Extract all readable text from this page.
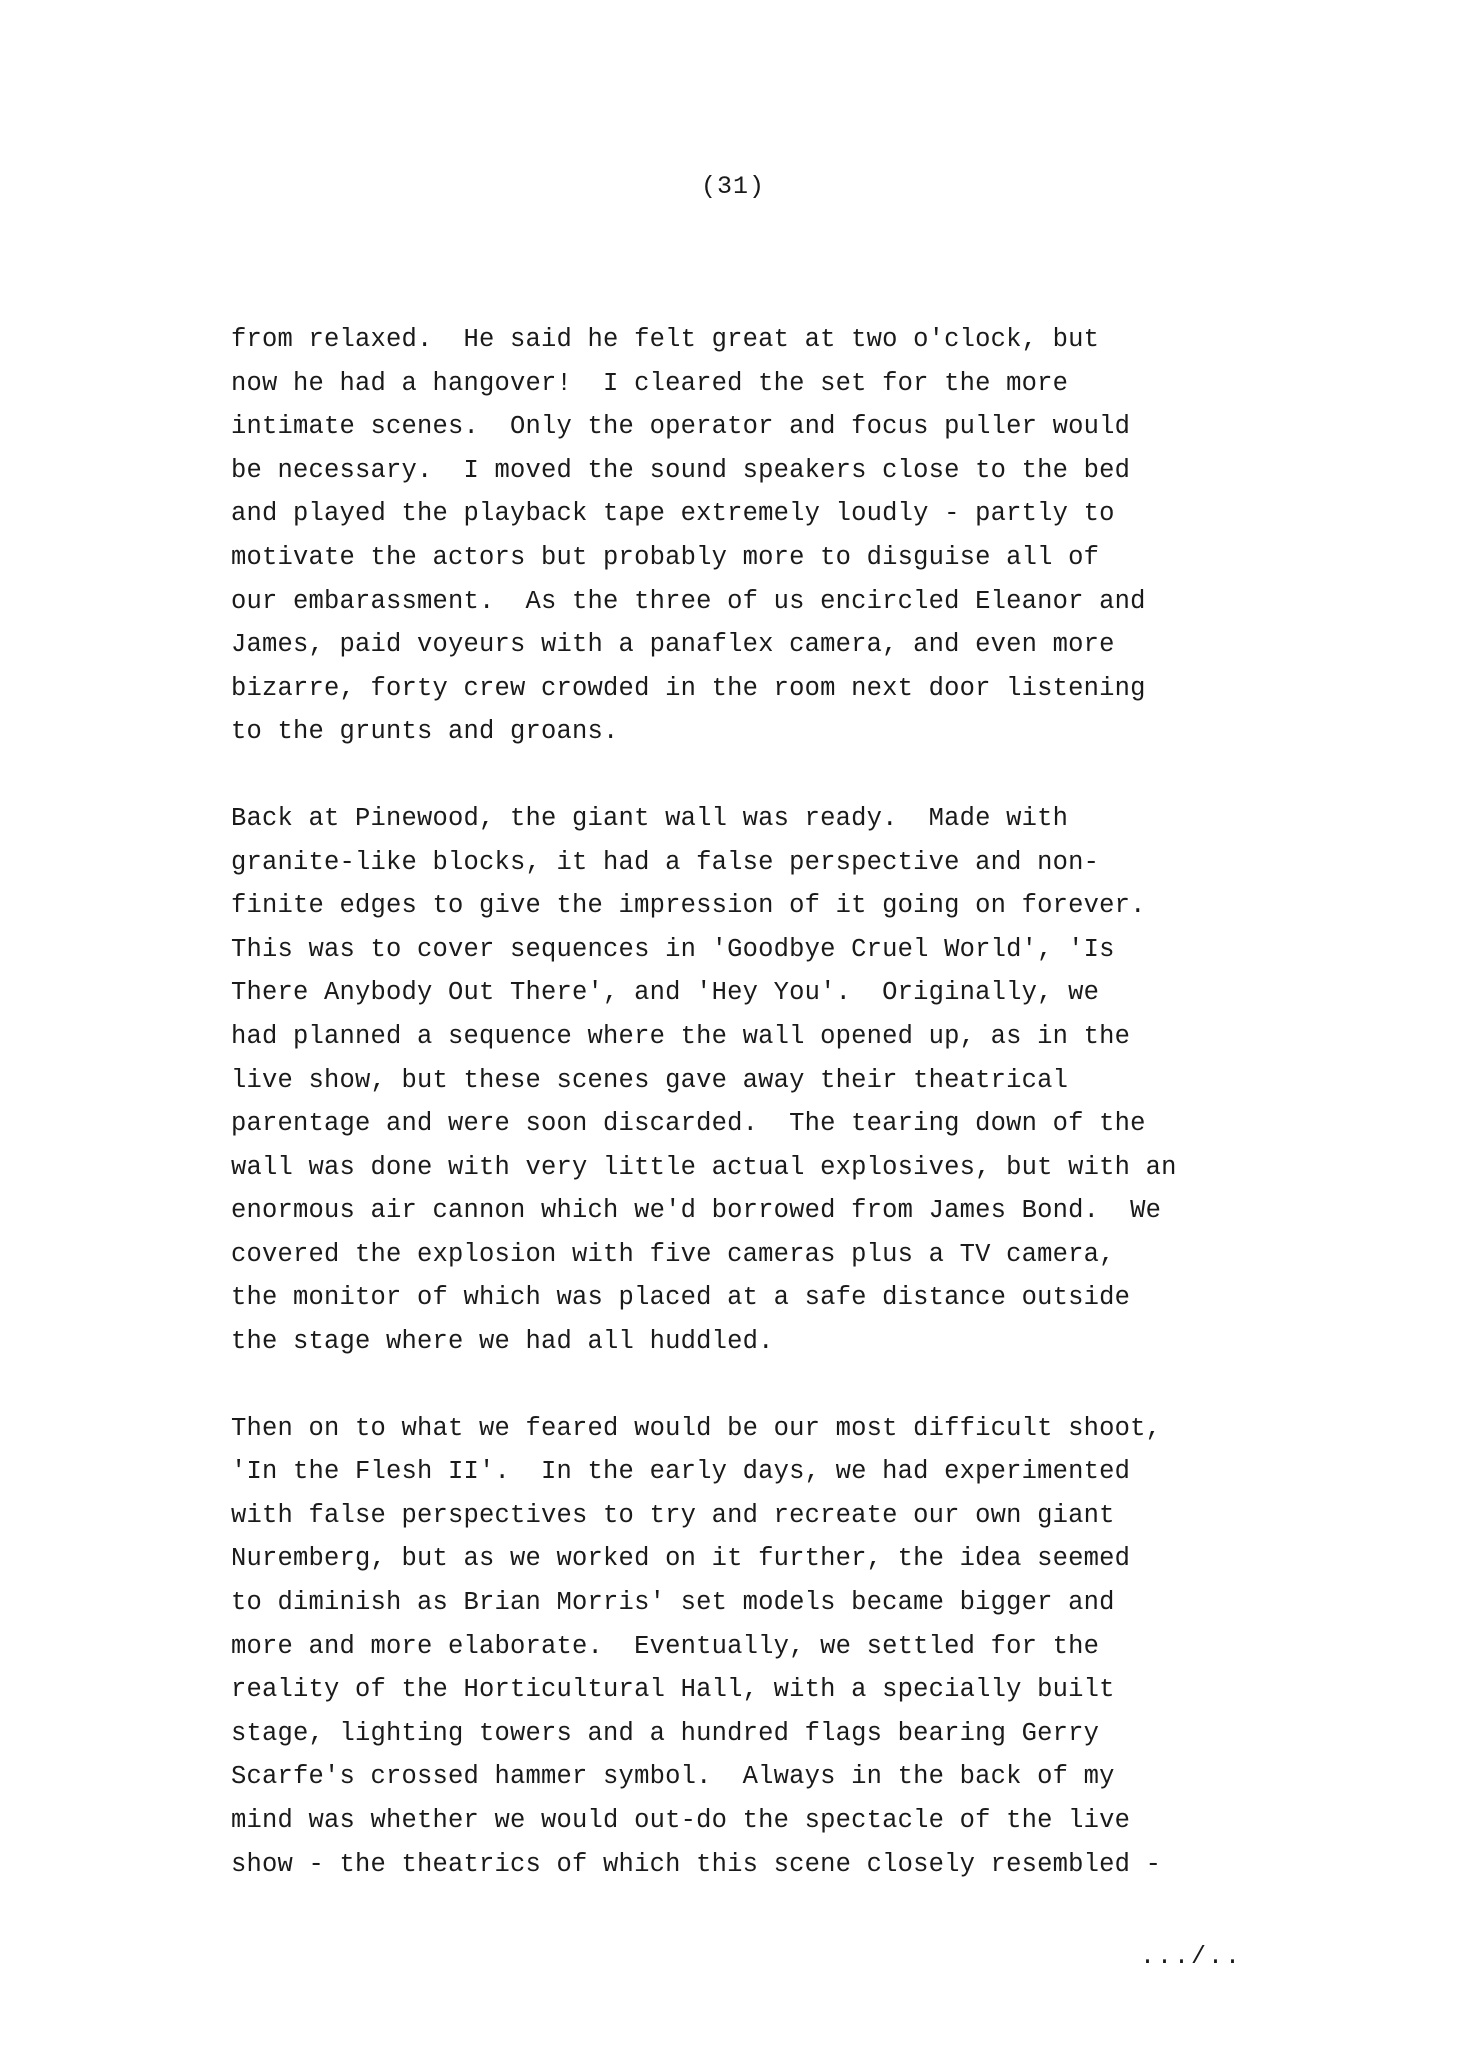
(31)
from relaxed.  He said he felt great at two o'clock, but
now he had a hangover!  I cleared the set for the more
intimate scenes.  Only the operator and focus puller would
be necessary.  I moved the sound speakers close to the bed
and played the playback tape extremely loudly - partly to
motivate the actors but probably more to disguise all of
our embarassment.  As the three of us encircled Eleanor and
James, paid voyeurs with a panaflex camera, and even more
bizarre, forty crew crowded in the room next door listening
to the grunts and groans.
Back at Pinewood, the giant wall was ready.  Made with
granite-like blocks, it had a false perspective and non-
finite edges to give the impression of it going on forever.
This was to cover sequences in 'Goodbye Cruel World', 'Is
There Anybody Out There', and 'Hey You'.  Originally, we
had planned a sequence where the wall opened up, as in the
live show, but these scenes gave away their theatrical
parentage and were soon discarded.  The tearing down of the
wall was done with very little actual explosives, but with an
enormous air cannon which we'd borrowed from James Bond.  We
covered the explosion with five cameras plus a TV camera,
the monitor of which was placed at a safe distance outside
the stage where we had all huddled.
Then on to what we feared would be our most difficult shoot,
'In the Flesh II'.  In the early days, we had experimented
with false perspectives to try and recreate our own giant
Nuremberg, but as we worked on it further, the idea seemed
to diminish as Brian Morris' set models became bigger and
more and more elaborate.  Eventually, we settled for the
reality of the Horticultural Hall, with a specially built
stage, lighting towers and a hundred flags bearing Gerry
Scarfe's crossed hammer symbol.  Always in the back of my
mind was whether we would out-do the spectacle of the live
show - the theatrics of which this scene closely resembled -
.../..
